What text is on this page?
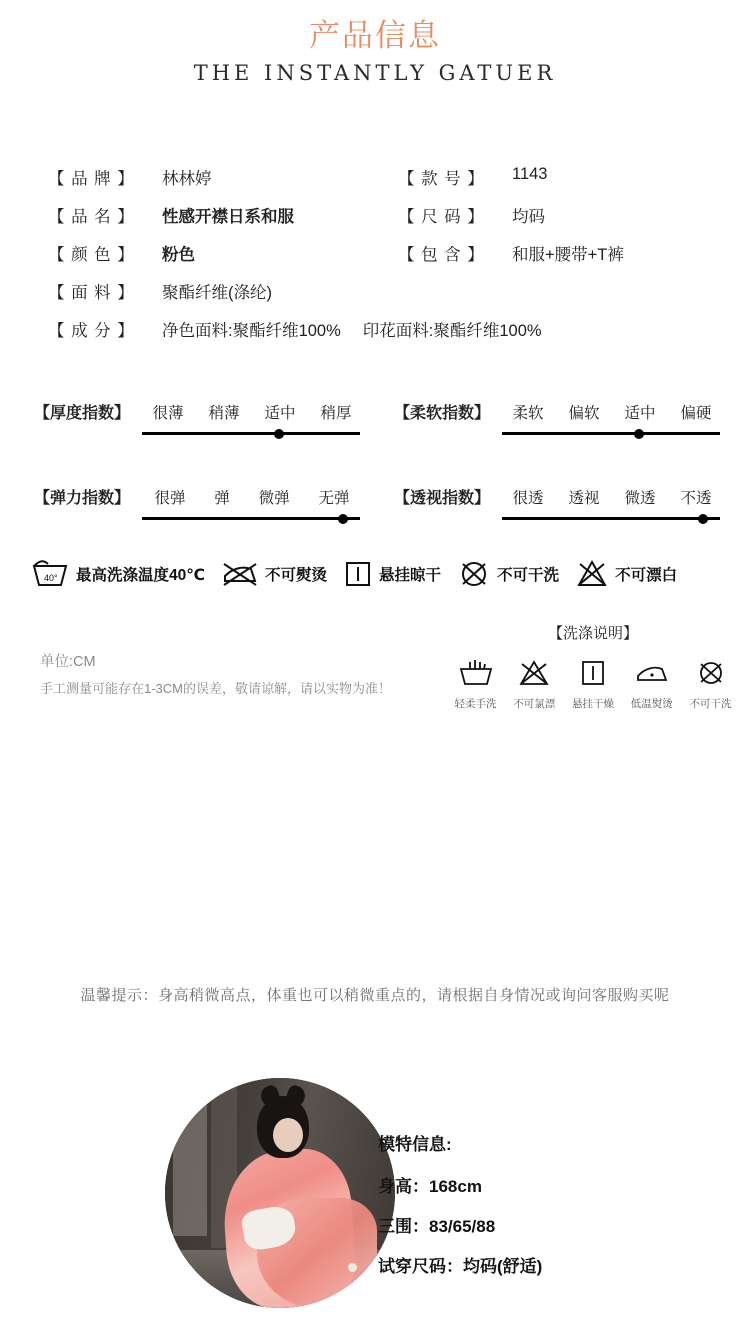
产品信息
THE INSTANTLY GATUER
【 品 牌 】	林林婷	【 款 号 】	1143
【 品 名 】	性感开襟日系和服	【 尺 码 】	均码
【 颜 色 】	粉色	【 包 含 】	和服+腰带+T裤
【 面 料 】	聚酯纤维(涤纶)
【 成 分 】	净色面料:聚酯纤维100% 印花面料:聚酯纤维100%
【厚度指数】 很薄 稍薄 适中 稍厚	【柔软指数】 柔软 偏软 适中 偏硬
【弹力指数】 很弹 弹 微弹 无弹	【透视指数】 很透 透视 微透 不透
40° 最高洗涤温度40℃	不可熨烫	悬挂晾干	不可干洗	不可漂白
单位:CM
手工测量可能存在1-3CM的误差，敬请谅解，请以实物为准！
【洗涤说明】
轻柔手洗	不可氯漂	悬挂干燥	低温熨烫	不可干洗
温馨提示：身高稍微高点，体重也可以稍微重点的，请根据自身情况或询问客服购买呢
模特信息:
身高：168cm
三围：83/65/88
试穿尺码：均码(舒适)
